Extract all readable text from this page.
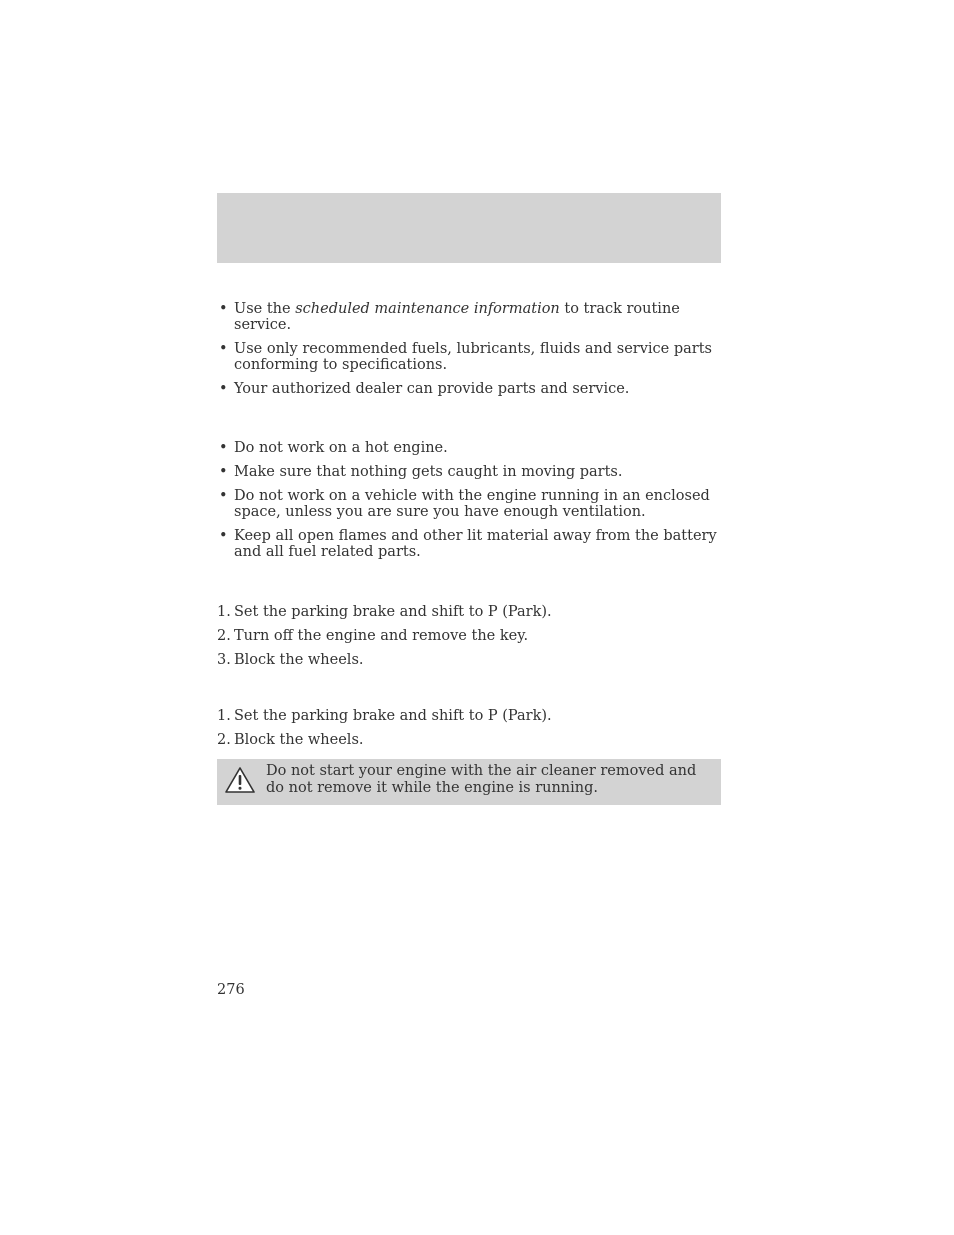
• Use the scheduled maintenance information to track routine service.
• Use only recommended fuels, lubricants, fluids and service parts conforming to specifications.
• Your authorized dealer can provide parts and service.
• Do not work on a hot engine.
• Make sure that nothing gets caught in moving parts.
• Do not work on a vehicle with the engine running in an enclosed space, unless you are sure you have enough ventilation.
• Keep all open flames and other lit material away from the battery and all fuel related parts.
1. Set the parking brake and shift to P (Park).
2. Turn off the engine and remove the key.
3. Block the wheels.
1. Set the parking brake and shift to P (Park).
2. Block the wheels.
Do not start your engine with the air cleaner removed and do not remove it while the engine is running.
276
